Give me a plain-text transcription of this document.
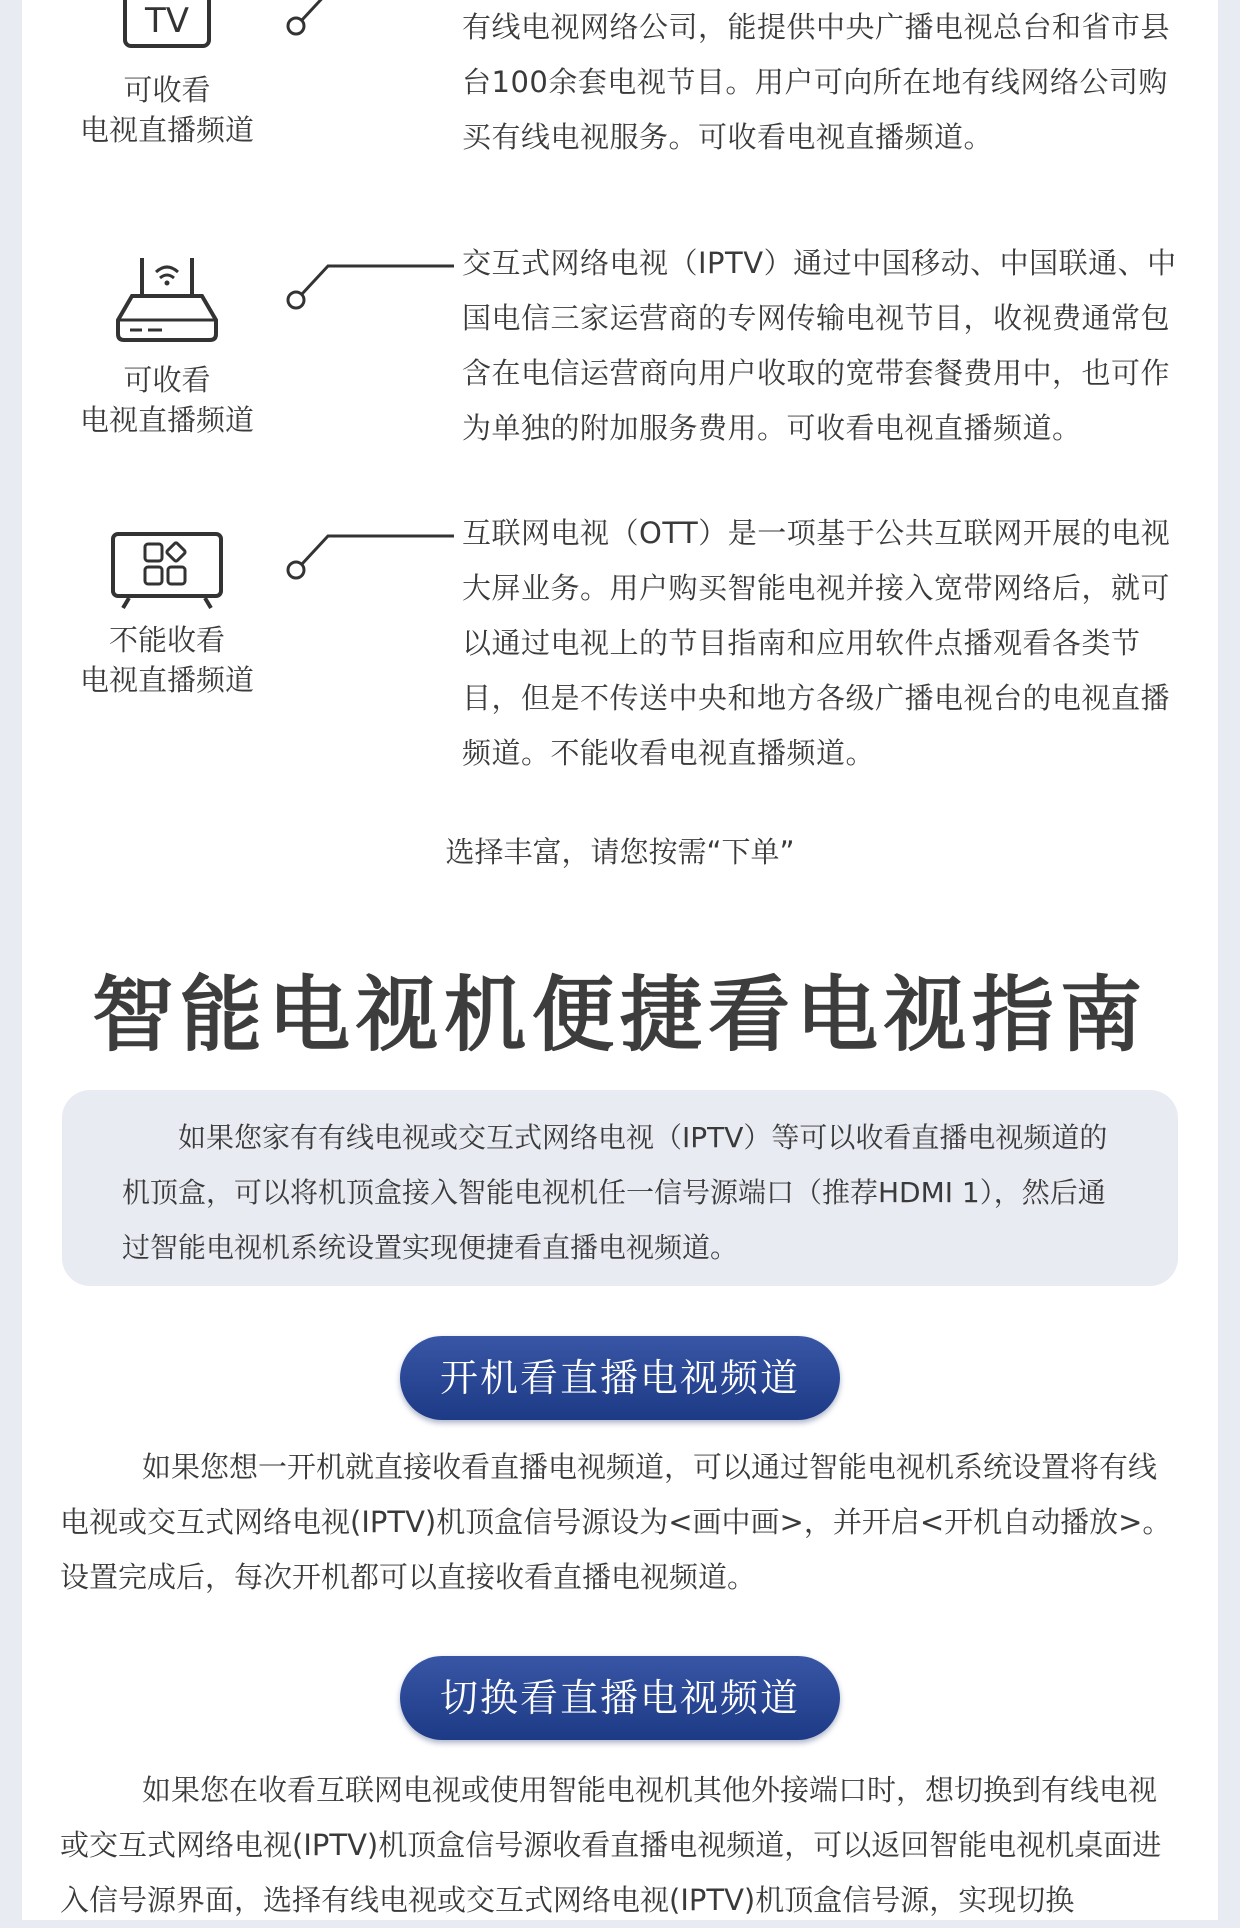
TV
可收看
电视直播频道
有线电视网络公司，能提供中央广播电视总台和省市县台100余套电视节目。用户可向所在地有线网络公司购买有线电视服务。可收看电视直播频道。
可收看
电视直播频道
交互式网络电视（IPTV）通过中国移动、中国联通、中国电信三家运营商的专网传输电视节目，收视费通常包含在电信运营商向用户收取的宽带套餐费用中，也可作为单独的附加服务费用。可收看电视直播频道。
不能收看
电视直播频道
互联网电视（OTT）是一项基于公共互联网开展的电视大屏业务。用户购买智能电视并接入宽带网络后，就可以通过电视上的节目指南和应用软件点播观看各类节目，但是不传送中央和地方各级广播电视台的电视直播频道。不能收看电视直播频道。
选择丰富，请您按需“下单”
智能电视机便捷看电视指南
如果您家有有线电视或交互式网络电视（IPTV）等可以收看直播电视频道的机顶盒，可以将机顶盒接入智能电视机任一信号源端口（推荐HDMI 1），然后通过智能电视机系统设置实现便捷看直播电视频道。
开机看直播电视频道
如果您想一开机就直接收看直播电视频道，可以通过智能电视机系统设置将有线电视或交互式网络电视(IPTV)机顶盒信号源设为<画中画>，并开启<开机自动播放>。设置完成后，每次开机都可以直接收看直播电视频道。
切换看直播电视频道
如果您在收看互联网电视或使用智能电视机其他外接端口时，想切换到有线电视或交互式网络电视(IPTV)机顶盒信号源收看直播电视频道，可以返回智能电视机桌面进入信号源界面，选择有线电视或交互式网络电视(IPTV)机顶盒信号源，实现切换
